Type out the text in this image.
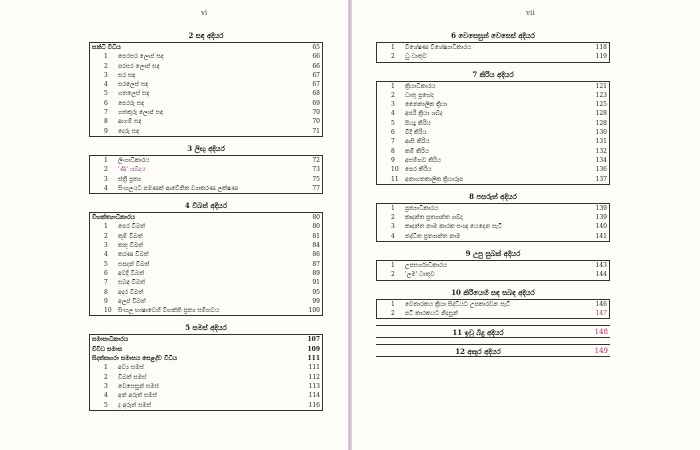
vi
2 සඳ අදියර
සන්ධි විධිය	65
1	පෙරසර ලොප් සඳ	66
2	පරසර ලොප් සඳ	66
3	සර සඳ	67
4	සරලෙස් සඳ	67
5	ගතලෙස් සඳ	68
6	පෙරරු සඳ	69
7	ගතකුරු ලොප් සඳ	70
8	ආගම් සඳ	70
9	දෙරු සඳ	71
3 ලිඟු අදියර
1	ලිංගාධිකාරය	72
2	'ණී' ශබ්දය	73
3	ස්ත්‍රී ප්‍රත්‍ය	75
4	සිංහලයට පමණක් ආවේනික ව්‍යාකරණ ලක්ෂණ	77
4 විබත් අදියර
විභක්ත්‍යාධිකාරය	80
1	පෙර විබත්	80
2	කුම් විබත්	81
3	කතු විබත්	84
4	කරණ විබත්	86
5	සපදන් විබත්	87
6	අවදි විබත්	89
7	සබඳ විබත්	91
8	අදර විබත්	95
9	අලප් විබත්	99
10	සිංහල භාෂාවෙහි විභක්ති ප්‍රත්‍ය සම්භවය	100
5 සමස් අදියර
සමාසාධිකාරය	107
විවිධ සමාස	109
සිදත්සඟරා සමාසය පෙළද්ව විධිය	111
1	අව්‍ය සමස්	111
2	විබත් සමස්	112
3	වෙසෙසුන් සමස්	113
4	අන් අරුත් සමස්	114
5	ද අරුත් සමස්	116
vii
6 වෙසෙසුන් වෙසෙස් අදියර
1	විශේෂණ විශේෂ්‍යාධිකාරය	118
2	ධු ධාතුව	119
7 කිරිය අදියර
1	ක්‍රියාධිකාරය	121
2	ධාතු ප්‍රභේද	123
3	නෛකාලික ක්‍රියා	125
4	අපරි ක්‍රියා ශබ්ද	128
5	පියදු කිරිය	128
6	විදි කිරිය	130
7	ආසි කිරිය	131
8	කම් කිරිය	132
9	අසම්භව කිරිය	134
10	පෙර කිරිය	136
11	අනාගතකාලික ක්‍රියාරූප	137
8 පසරුත් අදියර
1	ප්‍රත්‍යාධිකාරය	139
2	කෘදන්ත ප්‍රත්‍යාන්ත ශබ්ද	139
3	කෘදන්ත නාම කාරක සංඥ යෙදෙන සැටි	140
4	තද්ධිත ප්‍රත්‍යාන්ත නාම	141
9 උපු සුබක් අදියර
1	උපසර්ගාධිකාරය	143
2	'ලම' ධාතුව	144
10 කිරියෙහි සඳ සබඳ අදියර
1	වෙතාරකය ක්‍රියා සිද්ධියට උපකාරවන සැටි	146
2	පටි කාරකයට නිදසුන්	147
11 ඉවු බිදු අදියර	148
12 අකුර අදියර	149
